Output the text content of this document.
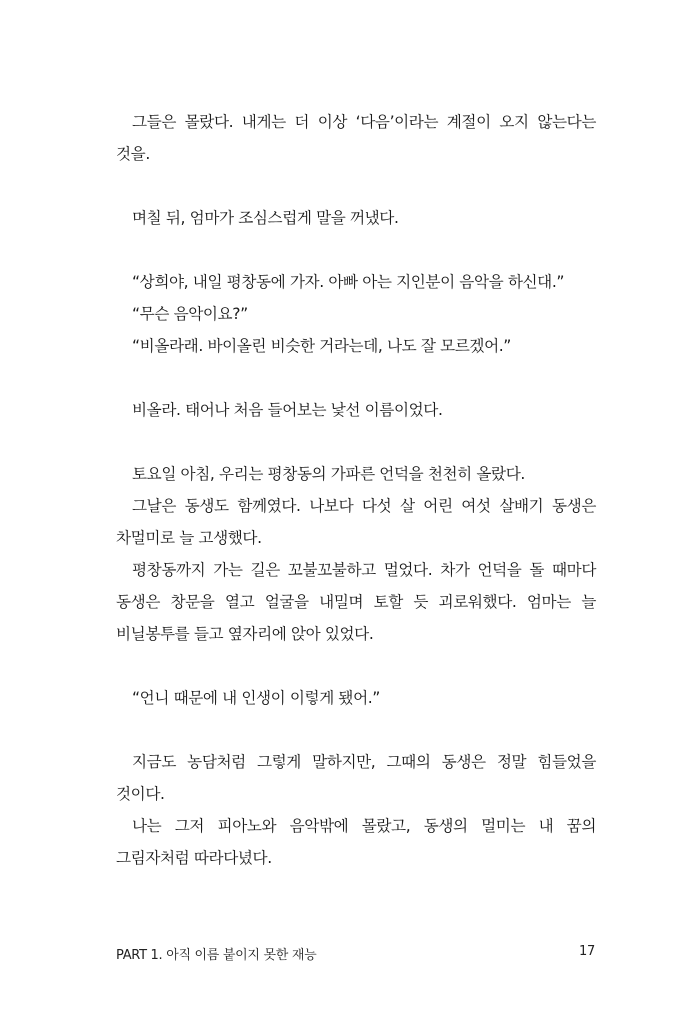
그들은 몰랐다. 내게는 더 이상 ‘다음’이라는 계절이 오지 않는다는 것을.

며칠 뒤, 엄마가 조심스럽게 말을 꺼냈다.

“상희야, 내일 평창동에 가자. 아빠 아는 지인분이 음악을 하신대.”

“무슨 음악이요?”

“비올라래. 바이올린 비슷한 거라는데, 나도 잘 모르겠어.”

비올라. 태어나 처음 들어보는 낯선 이름이었다.

토요일 아침, 우리는 평창동의 가파른 언덕을 천천히 올랐다.

그날은 동생도 함께였다. 나보다 다섯 살 어린 여섯 살배기 동생은 차멀미로 늘 고생했다.

평창동까지 가는 길은 꼬불꼬불하고 멀었다. 차가 언덕을 돌 때마다 동생은 창문을 열고 얼굴을 내밀며 토할 듯 괴로워했다. 엄마는 늘 비닐봉투를 들고 옆자리에 앉아 있었다.

“언니 때문에 내 인생이 이렇게 됐어.”

지금도 농담처럼 그렇게 말하지만, 그때의 동생은 정말 힘들었을 것이다.

나는 그저 피아노와 음악밖에 몰랐고, 동생의 멀미는 내 꿈의 그림자처럼 따라다녔다.

PART 1. 아직 이름 붙이지 못한 재능	17
